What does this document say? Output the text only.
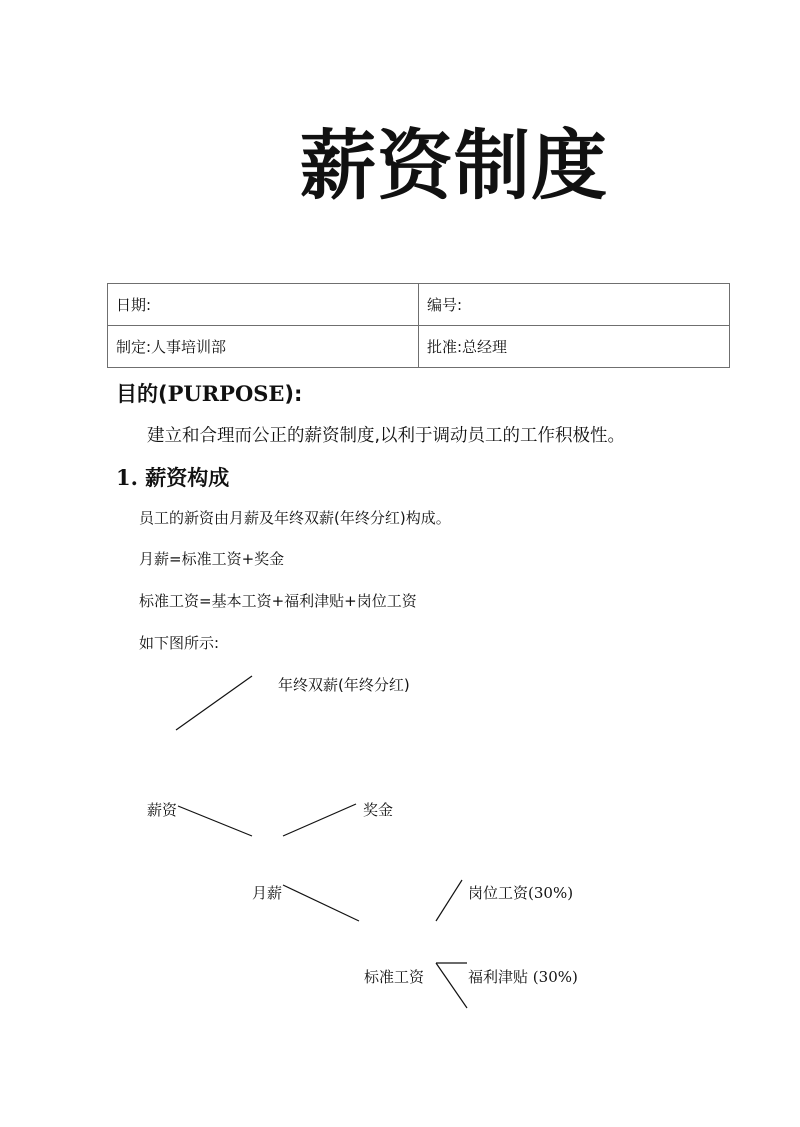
薪资制度
日期:	编号:
制定:人事培训部	批准:总经理
目的(PURPOSE):
建立和合理而公正的薪资制度,以利于调动员工的工作积极性。
1. 薪资构成
员工的新资由月薪及年终双薪(年终分红)构成。
月薪=标准工资+奖金
标准工资=基本工资+福利津贴+岗位工资
如下图所示:
年终双薪(年终分红)
薪资	奖金
月薪	岗位工资(30%)
标准工资	福利津贴 (30%)
